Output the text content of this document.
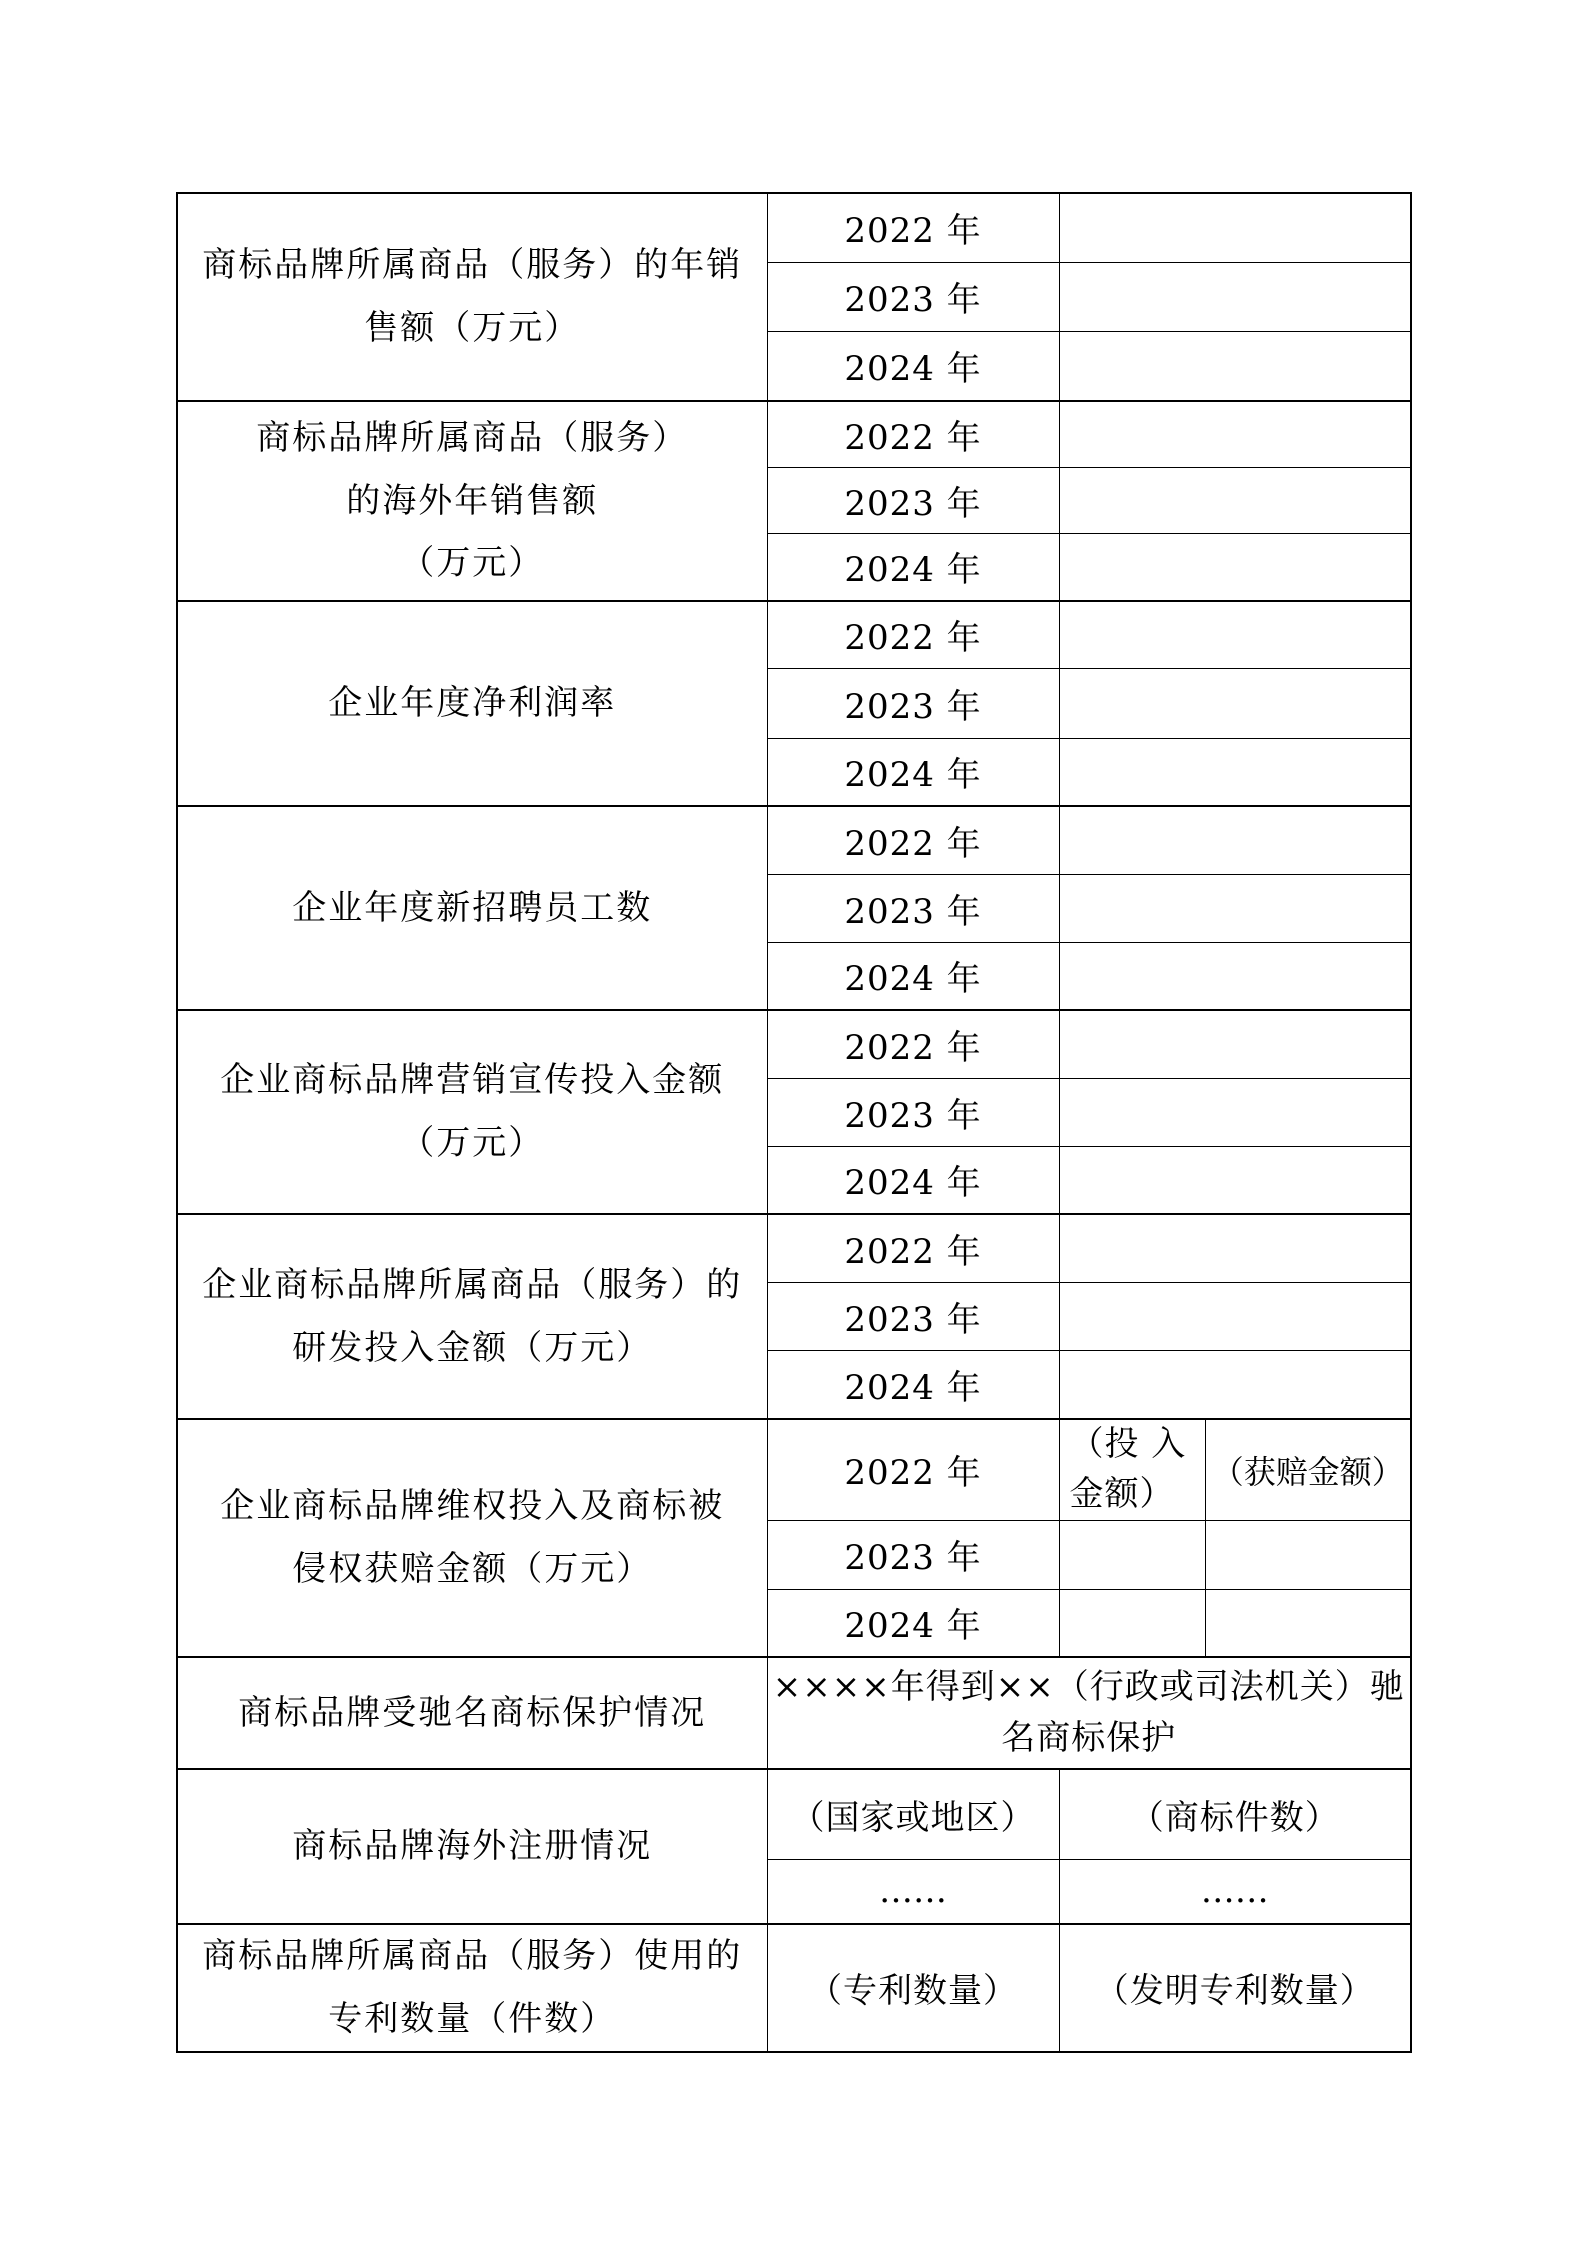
商标品牌所属商品（服务）的年销
售额（万元）	2022 年		
	2023 年		
	2024 年		
商标品牌所属商品（服务）
的海外年销售额
（万元）	2022 年		
	2023 年		
	2024 年		
企业年度净利润率	2022 年		
	2023 年		
	2024 年		
企业年度新招聘员工数	2022 年		
	2023 年		
	2024 年		
企业商标品牌营销宣传投入金额
（万元）	2022 年		
	2023 年		
	2024 年		
企业商标品牌所属商品（服务）的
研发投入金额（万元）	2022 年		
	2023 年		
	2024 年		
企业商标品牌维权投入及商标被
侵权获赔金额（万元）	2022 年	（投 入
金额）	（获赔金额）
	2023 年		
	2024 年		
商标品牌受驰名商标保护情况	××××年得到××（行政或司法机关）驰
名商标保护		
商标品牌海外注册情况	（国家或地区）	（商标件数）	
	……	……	
商标品牌所属商品（服务）使用的
专利数量（件数）	（专利数量）	（发明专利数量）	
